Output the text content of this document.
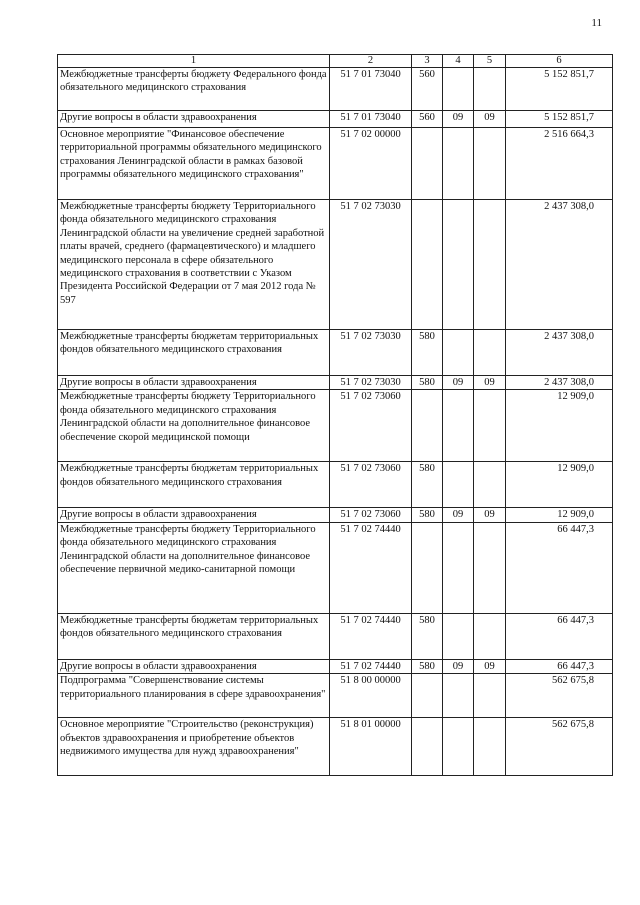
11
1	2	3	4	5	6
Межбюджетные трансферты бюджету Федерального фонда обязательного медицинского страхования	51 7 01 73040	560			5 152 851,7
Другие вопросы в области здравоохранения	51 7 01 73040	560	09	09	5 152 851,7
Основное мероприятие "Финансовое обеспечение территориальной программы обязательного медицинского страхования Ленинградской области в рамках базовой программы обязательного медицинского страхования"	51 7 02 00000				2 516 664,3
Межбюджетные трансферты бюджету Территориального фонда обязательного медицинского страхования Ленинградской области на увеличение средней заработной платы врачей, среднего (фармацевтического) и младшего медицинского персонала в сфере обязательного медицинского страхования в соответствии с Указом Президента Российской Федерации от 7 мая 2012 года № 597	51 7 02 73030				2 437 308,0
Межбюджетные трансферты бюджетам территориальных фондов обязательного медицинского страхования	51 7 02 73030	580			2 437 308,0
Другие вопросы в области здравоохранения	51 7 02 73030	580	09	09	2 437 308,0
Межбюджетные трансферты бюджету Территориального фонда обязательного медицинского страхования Ленинградской области на дополнительное финансовое обеспечение скорой медицинской помощи	51 7 02 73060				12 909,0
Межбюджетные трансферты бюджетам территориальных фондов обязательного медицинского страхования	51 7 02 73060	580			12 909,0
Другие вопросы в области здравоохранения	51 7 02 73060	580	09	09	12 909,0
Межбюджетные трансферты бюджету Территориального фонда обязательного медицинского страхования Ленинградской области на дополнительное финансовое обеспечение первичной медико-санитарной помощи	51 7 02 74440				66 447,3
Межбюджетные трансферты бюджетам территориальных фондов обязательного медицинского страхования	51 7 02 74440	580			66 447,3
Другие вопросы в области здравоохранения	51 7 02 74440	580	09	09	66 447,3
Подпрограмма "Совершенствование системы территориального планирования в сфере здравоохранения"	51 8 00 00000				562 675,8
Основное мероприятие "Строительство (реконструкция) объектов здравоохранения и приобретение объектов недвижимого имущества для нужд здравоохранения"	51 8 01 00000				562 675,8
